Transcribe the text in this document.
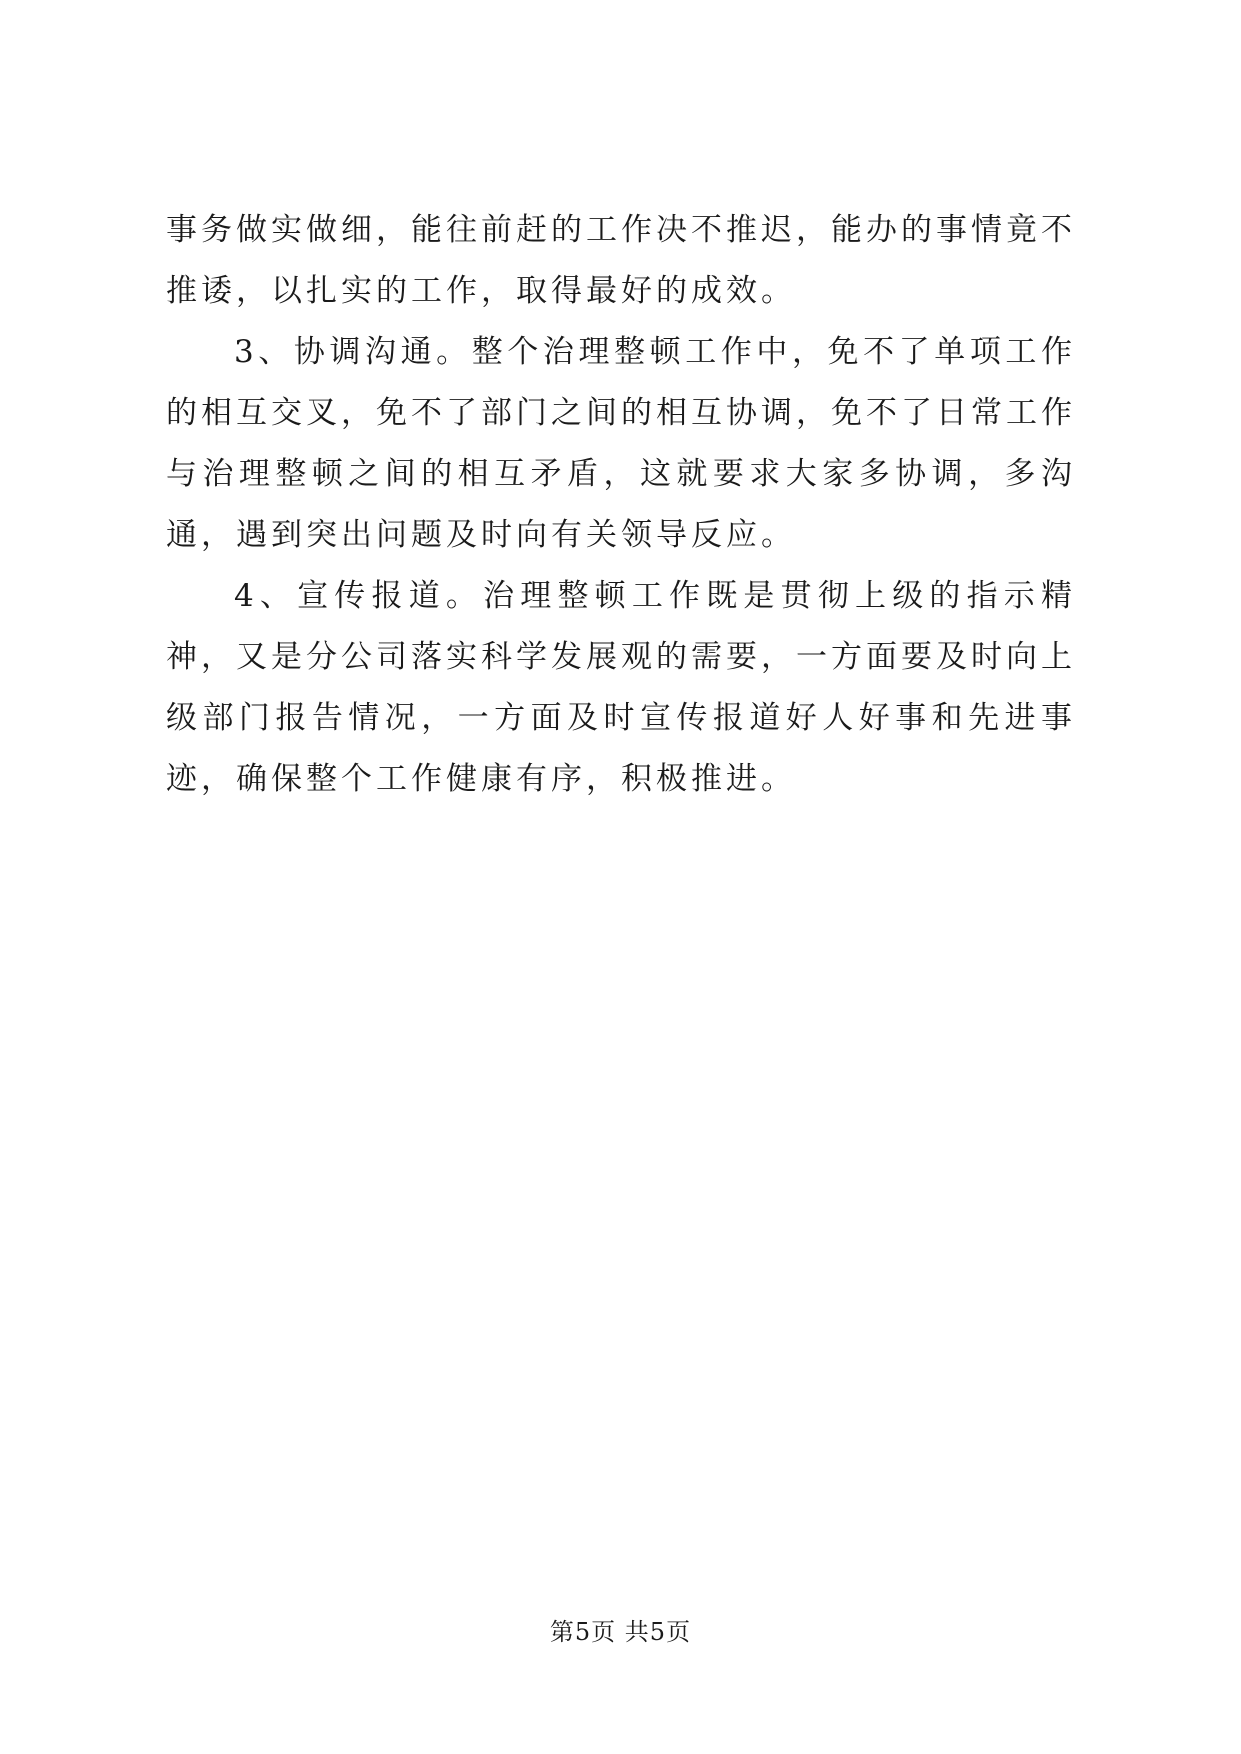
事务做实做细，能往前赶的工作决不推迟，能办的事情竟不推诿，以扎实的工作，取得最好的成效。

3、协调沟通。整个治理整顿工作中，免不了单项工作的相互交叉，免不了部门之间的相互协调，免不了日常工作与治理整顿之间的相互矛盾，这就要求大家多协调，多沟通，遇到突出问题及时向有关领导反应。

4、宣传报道。治理整顿工作既是贯彻上级的指示精神，又是分公司落实科学发展观的需要，一方面要及时向上级部门报告情况，一方面及时宣传报道好人好事和先进事迹，确保整个工作健康有序，积极推进。

第5页 共5页
